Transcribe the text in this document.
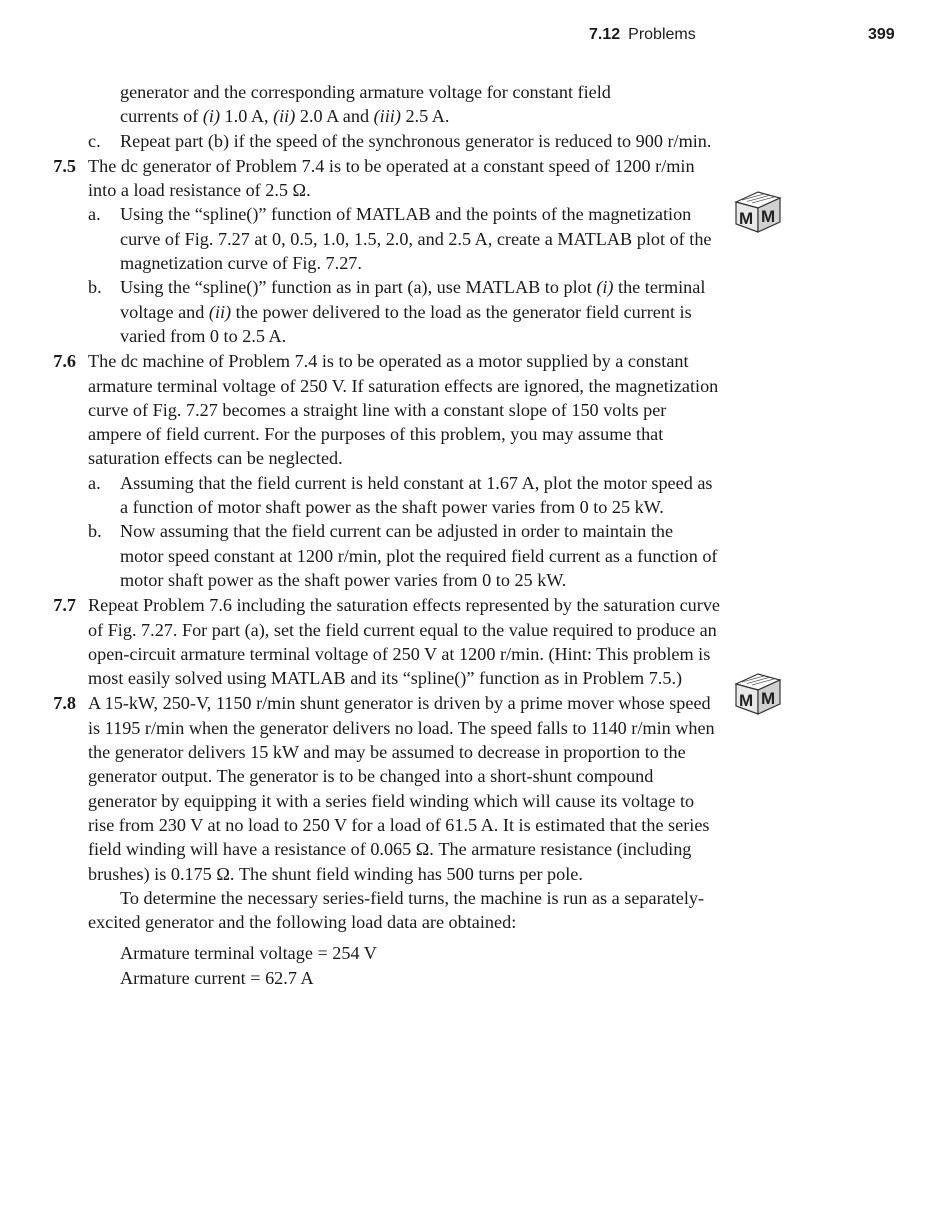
7.12 Problems	399
M M
M M
generator and the corresponding armature voltage for constant field
currents of (i) 1.0 A, (ii) 2.0 A and (iii) 2.5 A.
c. Repeat part (b) if the speed of the synchronous generator is reduced to 900 r/min.
7.5 The dc generator of Problem 7.4 is to be operated at a constant speed of 1200 r/min into a load resistance of 2.5 Ω.
a. Using the “spline()” function of MATLAB and the points of the magnetization curve of Fig. 7.27 at 0, 0.5, 1.0, 1.5, 2.0, and 2.5 A, create a MATLAB plot of the magnetization curve of Fig. 7.27.
b. Using the “spline()” function as in part (a), use MATLAB to plot (i) the terminal voltage and (ii) the power delivered to the load as the generator field current is varied from 0 to 2.5 A.
7.6 The dc machine of Problem 7.4 is to be operated as a motor supplied by a constant armature terminal voltage of 250 V. If saturation effects are ignored, the magnetization curve of Fig. 7.27 becomes a straight line with a constant slope of 150 volts per ampere of field current. For the purposes of this problem, you may assume that saturation effects can be neglected.
a. Assuming that the field current is held constant at 1.67 A, plot the motor speed as a function of motor shaft power as the shaft power varies from 0 to 25 kW.
b. Now assuming that the field current can be adjusted in order to maintain the motor speed constant at 1200 r/min, plot the required field current as a function of motor shaft power as the shaft power varies from 0 to 25 kW.
7.7 Repeat Problem 7.6 including the saturation effects represented by the saturation curve of Fig. 7.27. For part (a), set the field current equal to the value required to produce an open-circuit armature terminal voltage of 250 V at 1200 r/min. (Hint: This problem is most easily solved using MATLAB and its “spline()” function as in Problem 7.5.)
7.8 A 15-kW, 250-V, 1150 r/min shunt generator is driven by a prime mover whose speed is 1195 r/min when the generator delivers no load. The speed falls to 1140 r/min when the generator delivers 15 kW and may be assumed to decrease in proportion to the generator output. The generator is to be changed into a short-shunt compound generator by equipping it with a series field winding which will cause its voltage to rise from 230 V at no load to 250 V for a load of 61.5 A. It is estimated that the series field winding will have a resistance of 0.065 Ω. The armature resistance (including brushes) is 0.175 Ω. The shunt field winding has 500 turns per pole.
To determine the necessary series-field turns, the machine is run as a separately-excited generator and the following load data are obtained:
Armature terminal voltage = 254 V
Armature current = 62.7 A
